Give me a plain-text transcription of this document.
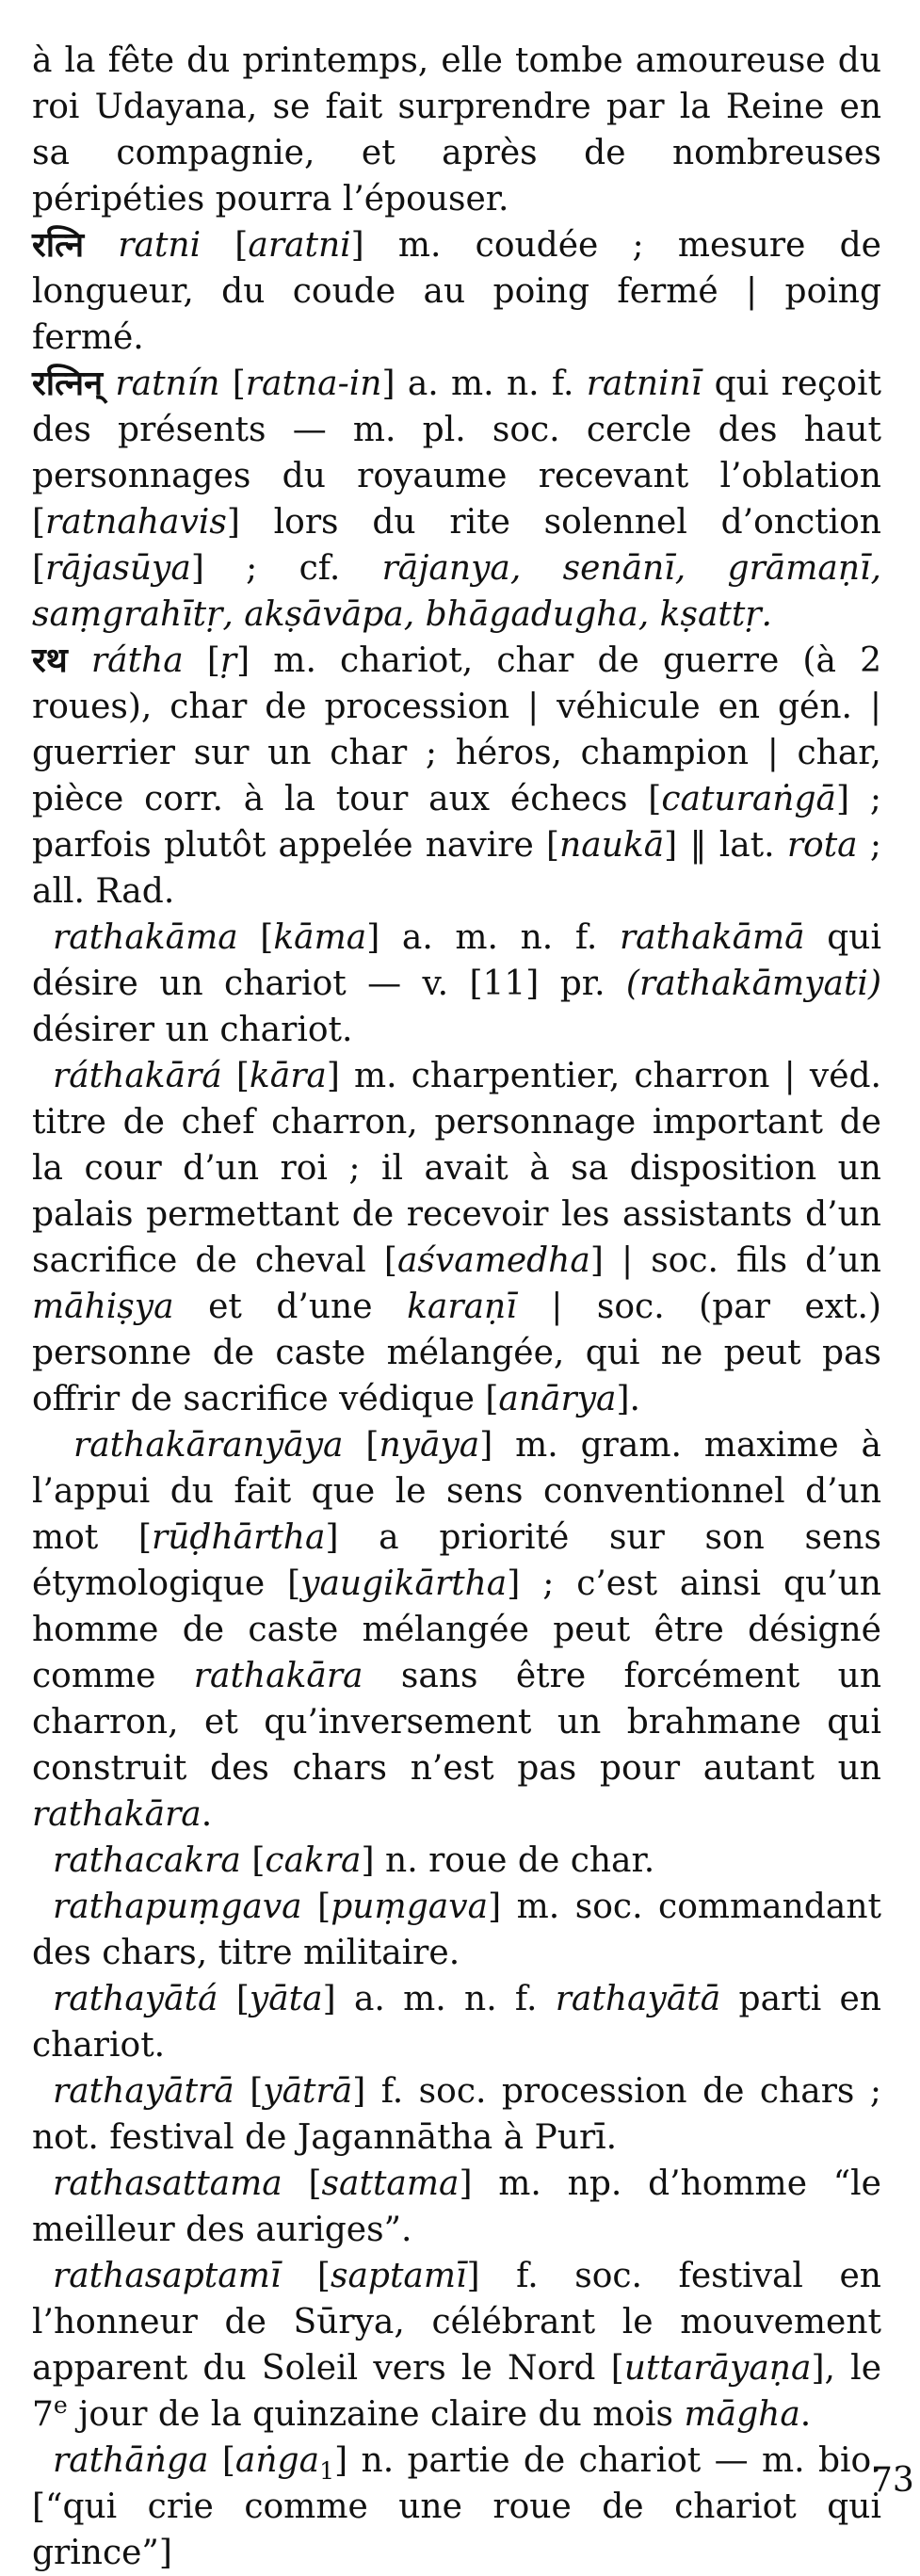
à la fête du printemps, elle tombe amoureuse du roi Udayana, se fait surprendre par la Reine en sa compagnie, et après de nombreuses péripéties pourra l’épouser.

रत्नि ratni [aratni] m. coudée ; mesure de longueur, du coude au poing fermé | poing fermé.

रत्निन् ratnín [ratna-in] a. m. n. f. ratninī qui reçoit des présents — m. pl. soc. cercle des haut personnages du royaume recevant l’oblation [ratnahavis] lors du rite solennel d’onction [rājasūya] ; cf. rājanya, senānī, grāmaṇī, saṃgrahītṛ, akṣāvāpa, bhāgadugha, kṣattṛ.

रथ rátha [ṛ] m. chariot, char de guerre (à 2 roues), char de procession | véhicule en gén. | guerrier sur un char ; héros, champion | char, pièce corr. à la tour aux échecs [caturaṅgā] ; parfois plutôt appelée navire [naukā] ‖ lat. rota ; all. Rad.

rathakāma [kāma] a. m. n. f. rathakāmā qui désire un chariot — v. [11] pr. (rathakāmyati) désirer un chariot.

ráthakārá [kāra] m. charpentier, charron | véd. titre de chef charron, personnage important de la cour d’un roi ; il avait à sa disposition un palais permettant de recevoir les assistants d’un sacrifice de cheval [aśvamedha] | soc. fils d’un māhiṣya et d’une karaṇī | soc. (par ext.) personne de caste mélangée, qui ne peut pas offrir de sacrifice védique [anārya].

rathakāranyāya [nyāya] m. gram. maxime à l’appui du fait que le sens conventionnel d’un mot [rūḍhārtha] a priorité sur son sens étymologique [yaugikārtha] ; c’est ainsi qu’un homme de caste mélangée peut être désigné comme rathakāra sans être forcément un charron, et qu’inversement un brahmane qui construit des chars n’est pas pour autant un rathakāra.

rathacakra [cakra] n. roue de char.

rathapuṃgava [puṃgava] m. soc. commandant des chars, titre militaire.

rathayātá [yāta] a. m. n. f. rathayātā parti en chariot.

rathayātrā [yātrā] f. soc. procession de chars ; not. festival de Jagannātha à Purī.

rathasattama [sattama] m. np. d’homme “le meilleur des auriges”.

rathasaptamī [saptamī] f. soc. festival en l’honneur de Sūrya, célébrant le mouvement apparent du Soleil vers le Nord [uttarāyaṇa], le 7e jour de la quinzaine claire du mois māgha.

rathāṅga [aṅga$_1$] n. partie de chariot — m. bio. [“qui crie comme une roue de chariot qui grince”]

73
